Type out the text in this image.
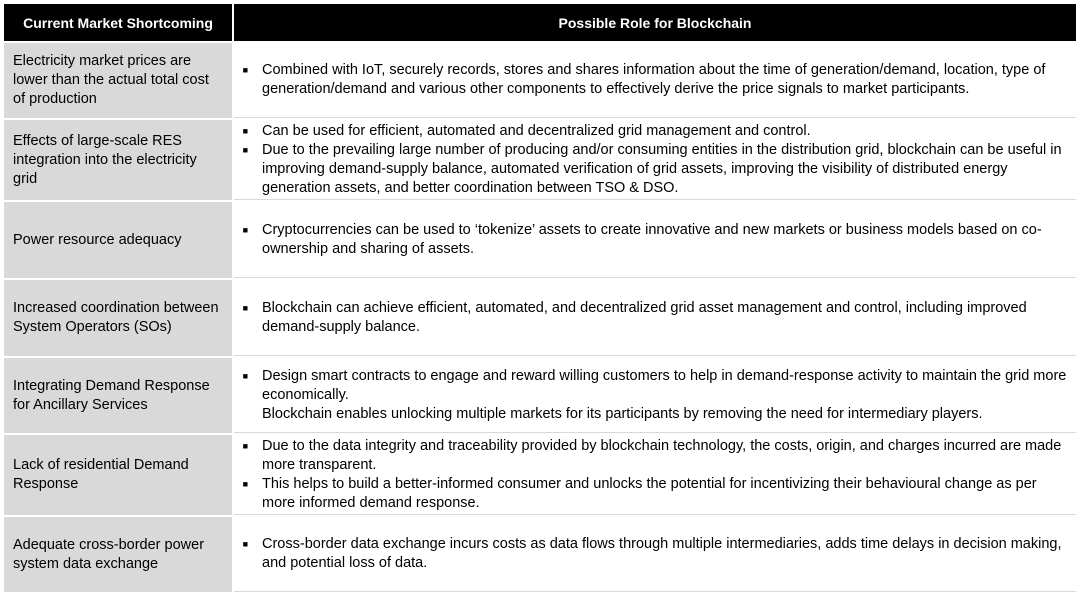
Current Market Shortcoming	Possible Role for Blockchain
Electricity market prices are lower than the actual total cost of production
■ Combined with IoT, securely records, stores and shares information about the time of generation/demand, location, type of generation/demand and various other components to effectively derive the price signals to market participants.
Effects of large-scale RES integration into the electricity grid
■ Can be used for efficient, automated and decentralized grid management and control.
■ Due to the prevailing large number of producing and/or consuming entities in the distribution grid, blockchain can be useful in improving demand-supply balance, automated verification of grid assets, improving the visibility of distributed energy generation assets, and better coordination between TSO & DSO.
Power resource adequacy
■ Cryptocurrencies can be used to ‘tokenize’ assets to create innovative and new markets or business models based on co-ownership and sharing of assets.
Increased coordination between System Operators (SOs)
■ Blockchain can achieve efficient, automated, and decentralized grid asset management and control, including improved demand-supply balance.
Integrating Demand Response for Ancillary Services
■ Design smart contracts to engage and reward willing customers to help in demand-response activity to maintain the grid more economically.
Blockchain enables unlocking multiple markets for its participants by removing the need for intermediary players.
Lack of residential Demand Response
■ Due to the data integrity and traceability provided by blockchain technology, the costs, origin, and charges incurred are made more transparent.
■ This helps to build a better-informed consumer and unlocks the potential for incentivizing their behavioural change as per more informed demand response.
Adequate cross-border power system data exchange
■ Cross-border data exchange incurs costs as data flows through multiple intermediaries, adds time delays in decision making, and potential loss of data.
